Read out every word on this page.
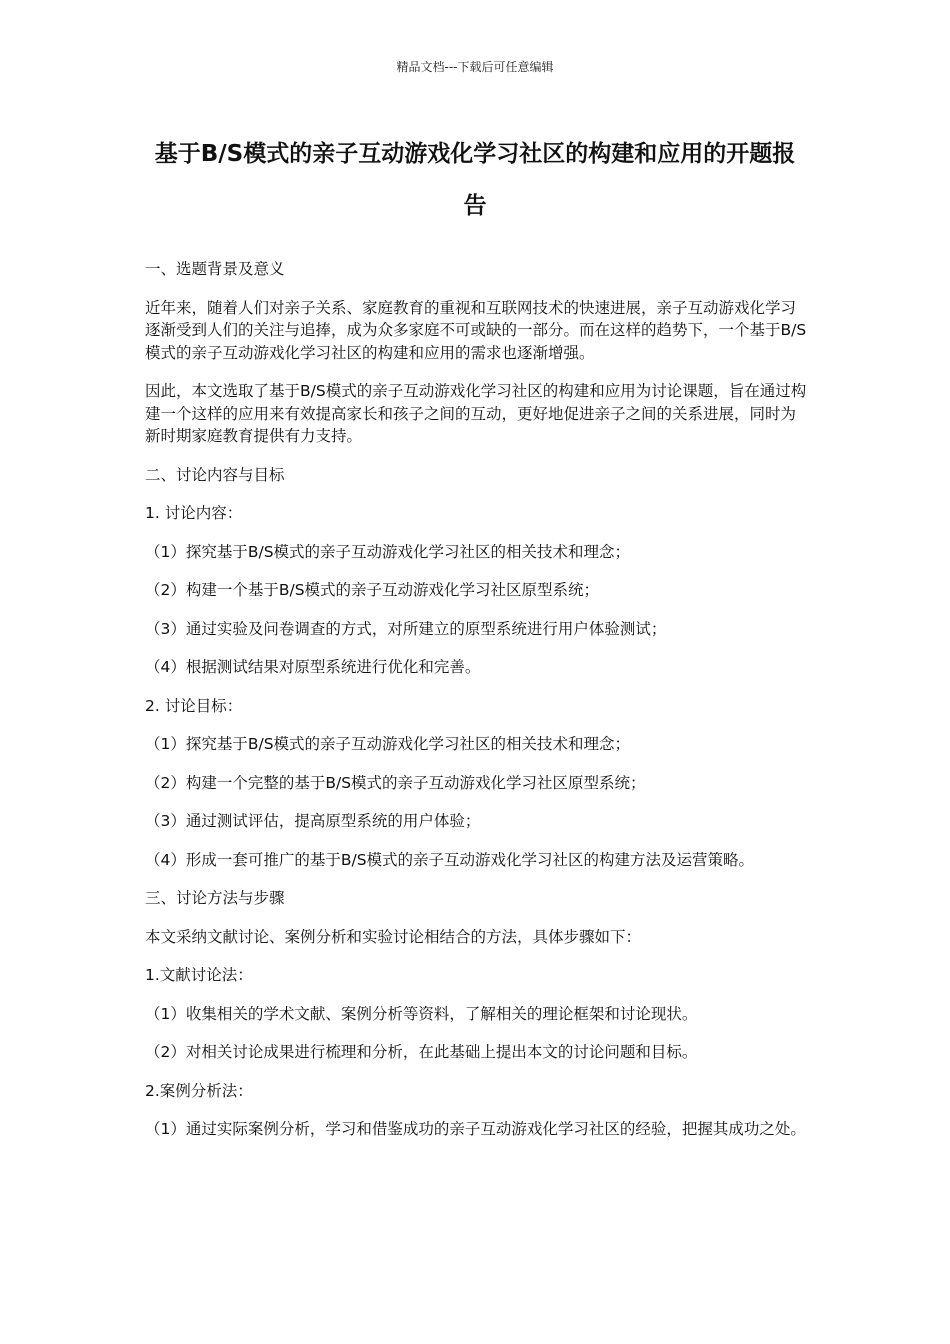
精品文档---下载后可任意编辑
基于B/S模式的亲子互动游戏化学习社区的构建和应用的开题报告

一、选题背景及意义

近年来，随着人们对亲子关系、家庭教育的重视和互联网技术的快速进展，亲子互动游戏化学习逐渐受到人们的关注与追捧，成为众多家庭不可或缺的一部分。而在这样的趋势下，一个基于B/S模式的亲子互动游戏化学习社区的构建和应用的需求也逐渐增强。

因此，本文选取了基于B/S模式的亲子互动游戏化学习社区的构建和应用为讨论课题，旨在通过构建一个这样的应用来有效提高家长和孩子之间的互动，更好地促进亲子之间的关系进展，同时为新时期家庭教育提供有力支持。

二、讨论内容与目标

1. 讨论内容：

（1）探究基于B/S模式的亲子互动游戏化学习社区的相关技术和理念；

（2）构建一个基于B/S模式的亲子互动游戏化学习社区原型系统；

（3）通过实验及问卷调查的方式，对所建立的原型系统进行用户体验测试；

（4）根据测试结果对原型系统进行优化和完善。

2. 讨论目标：

（1）探究基于B/S模式的亲子互动游戏化学习社区的相关技术和理念；

（2）构建一个完整的基于B/S模式的亲子互动游戏化学习社区原型系统；

（3）通过测试评估，提高原型系统的用户体验；

（4）形成一套可推广的基于B/S模式的亲子互动游戏化学习社区的构建方法及运营策略。

三、讨论方法与步骤

本文采纳文献讨论、案例分析和实验讨论相结合的方法，具体步骤如下：

1.文献讨论法：

（1）收集相关的学术文献、案例分析等资料，了解相关的理论框架和讨论现状。

（2）对相关讨论成果进行梳理和分析，在此基础上提出本文的讨论问题和目标。

2.案例分析法：

（1）通过实际案例分析，学习和借鉴成功的亲子互动游戏化学习社区的经验，把握其成功之处。
